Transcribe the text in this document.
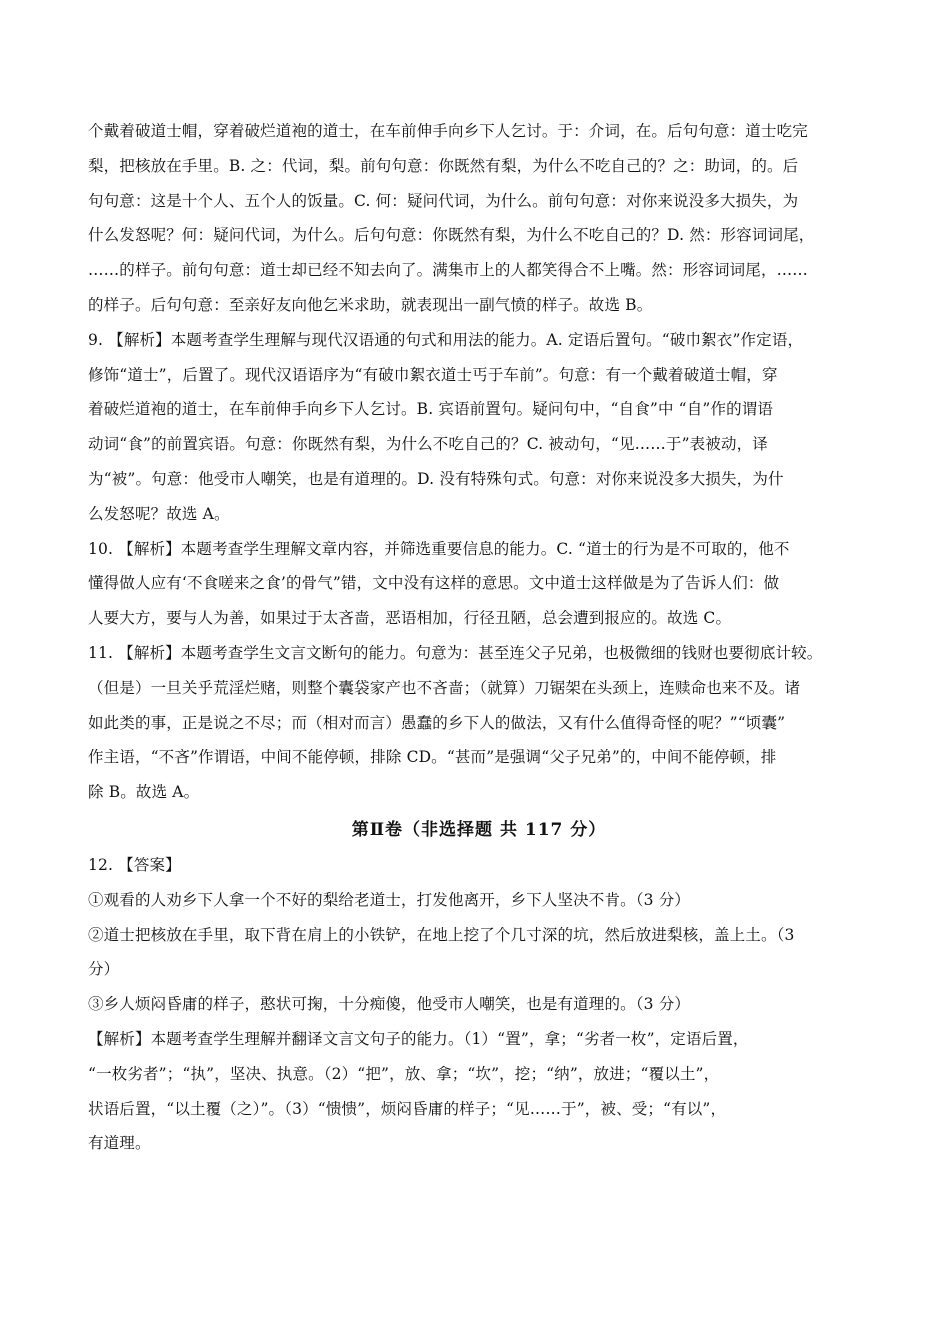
个戴着破道士帽，穿着破烂道袍的道士，在车前伸手向乡下人乞讨。于：介词，在。后句句意：道士吃完
梨，把核放在手里。B. 之：代词，梨。前句句意：你既然有梨，为什么不吃自己的？之：助词，的。后
句句意：这是十个人、五个人的饭量。C. 何：疑问代词，为什么。前句句意：对你来说没多大损失，为
什么发怒呢？何：疑问代词，为什么。后句句意：你既然有梨，为什么不吃自己的？D. 然：形容词词尾，
……的样子。前句句意：道士却已经不知去向了。满集市上的人都笑得合不上嘴。然：形容词词尾，……
的样子。后句句意：至亲好友向他乞米求助，就表现出一副气愤的样子。故选 B。
9. 【解析】本题考查学生理解与现代汉语通的句式和用法的能力。A. 定语后置句。“破巾絮衣”作定语，
修饰“道士”，后置了。现代汉语语序为“有破巾絮衣道士丐于车前”。句意：有一个戴着破道士帽，穿
着破烂道袍的道士，在车前伸手向乡下人乞讨。B. 宾语前置句。疑问句中，“自食”中 “自”作的谓语
动词“食”的前置宾语。句意：你既然有梨，为什么不吃自己的？C. 被动句，“见……于”表被动，译
为“被”。句意：他受市人嘲笑，也是有道理的。D. 没有特殊句式。句意：对你来说没多大损失，为什
么发怒呢？故选 A。
10. 【解析】本题考查学生理解文章内容，并筛选重要信息的能力。C. “道士的行为是不可取的，他不
懂得做人应有‘不食嗟来之食’的骨气”错，文中没有这样的意思。文中道士这样做是为了告诉人们：做
人要大方，要与人为善，如果过于太吝啬，恶语相加，行径丑陋，总会遭到报应的。故选 C。
11. 【解析】本题考查学生文言文断句的能力。句意为：甚至连父子兄弟，也极微细的钱财也要彻底计较。
（但是）一旦关乎荒淫烂赌，则整个囊袋家产也不吝啬；（就算）刀锯架在头颈上，连赎命也来不及。诸
如此类的事，正是说之不尽；而（相对而言）愚蠢的乡下人的做法，又有什么值得奇怪的呢？”“顷囊”
作主语，“不吝”作谓语，中间不能停顿，排除 CD。“甚而”是强调“父子兄弟”的，中间不能停顿，排
除 B。故选 A。
第Ⅱ卷（非选择题 共 117 分）
12. 【答案】
①观看的人劝乡下人拿一个不好的梨给老道士，打发他离开，乡下人坚决不肯。（3 分）
②道士把核放在手里，取下背在肩上的小铁铲，在地上挖了个几寸深的坑，然后放进梨核，盖上土。（3
分）
③乡人烦闷昏庸的样子，憨状可掬，十分痴傻，他受市人嘲笑，也是有道理的。（3 分）
【解析】本题考查学生理解并翻译文言文句子的能力。（1）“置”，拿；“劣者一枚”，定语后置，
“一枚劣者”；“执”，坚决、执意。（2）“把”，放、拿；“坎”，挖；“纳”，放进；“覆以土”，
状语后置，“以土覆（之）”。（3）“愦愦”，烦闷昏庸的样子；“见……于”，被、受；“有以”，
有道理。
